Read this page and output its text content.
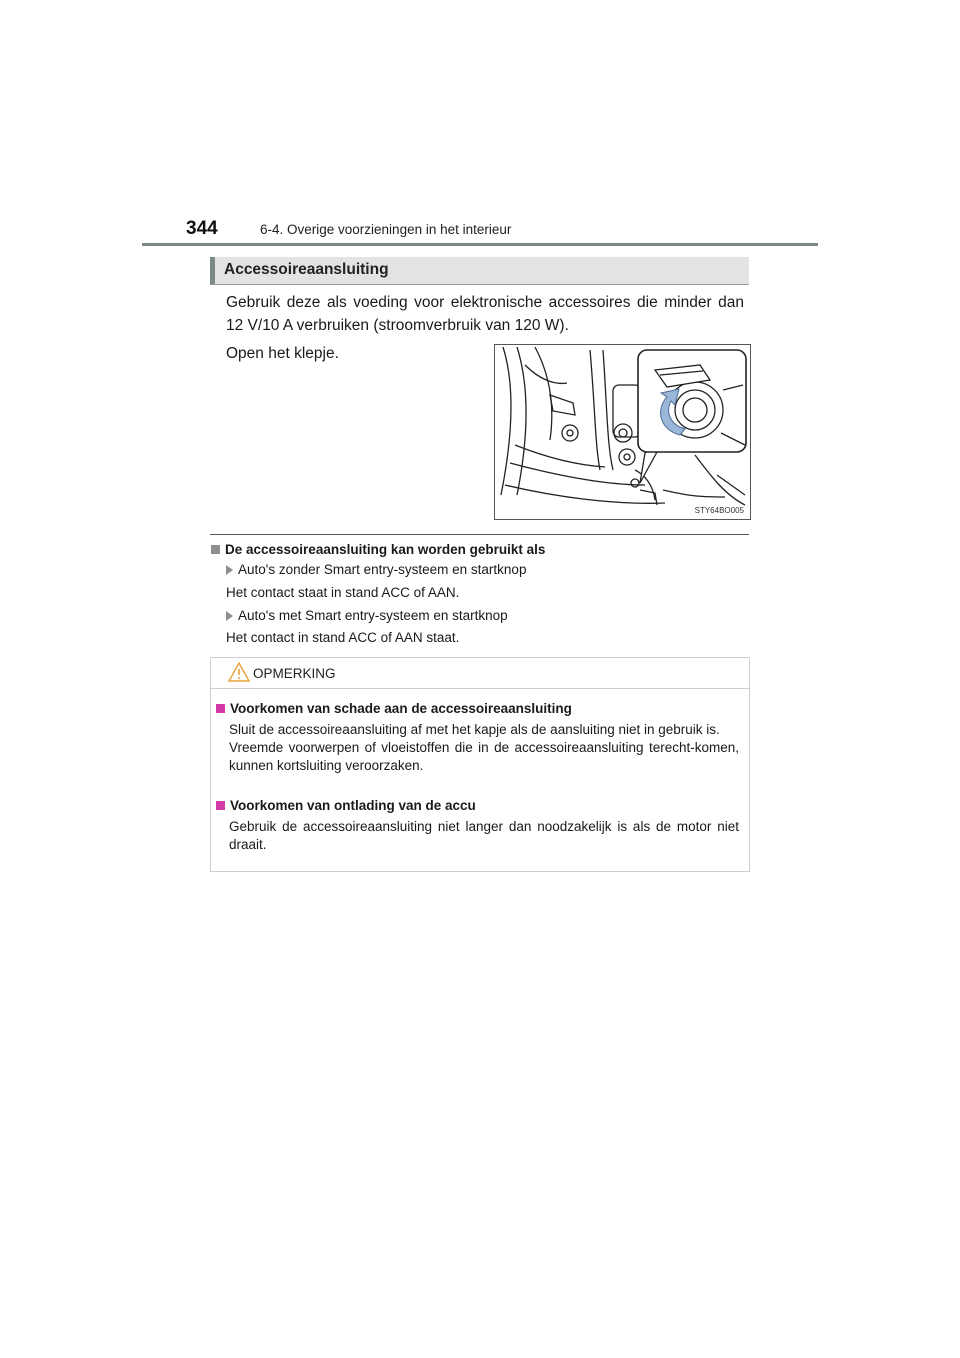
344	6-4. Overige voorzieningen in het interieur
Accessoireaansluiting
Gebruik deze als voeding voor elektronische accessoires die minder dan 12 V/10 A verbruiken (stroomverbruik van 120 W).
Open het klepje.
STY64BO005
De accessoireaansluiting kan worden gebruikt als
Auto's zonder Smart entry-systeem en startknop
Het contact staat in stand ACC of AAN.
Auto's met Smart entry-systeem en startknop
Het contact in stand ACC of AAN staat.
OPMERKING
Voorkomen van schade aan de accessoireaansluiting
Sluit de accessoireaansluiting af met het kapje als de aansluiting niet in gebruik is.
Vreemde voorwerpen of vloeistoffen die in de accessoireaansluiting terecht-komen, kunnen kortsluiting veroorzaken.
Voorkomen van ontlading van de accu
Gebruik de accessoireaansluiting niet langer dan noodzakelijk is als de motor niet draait.
